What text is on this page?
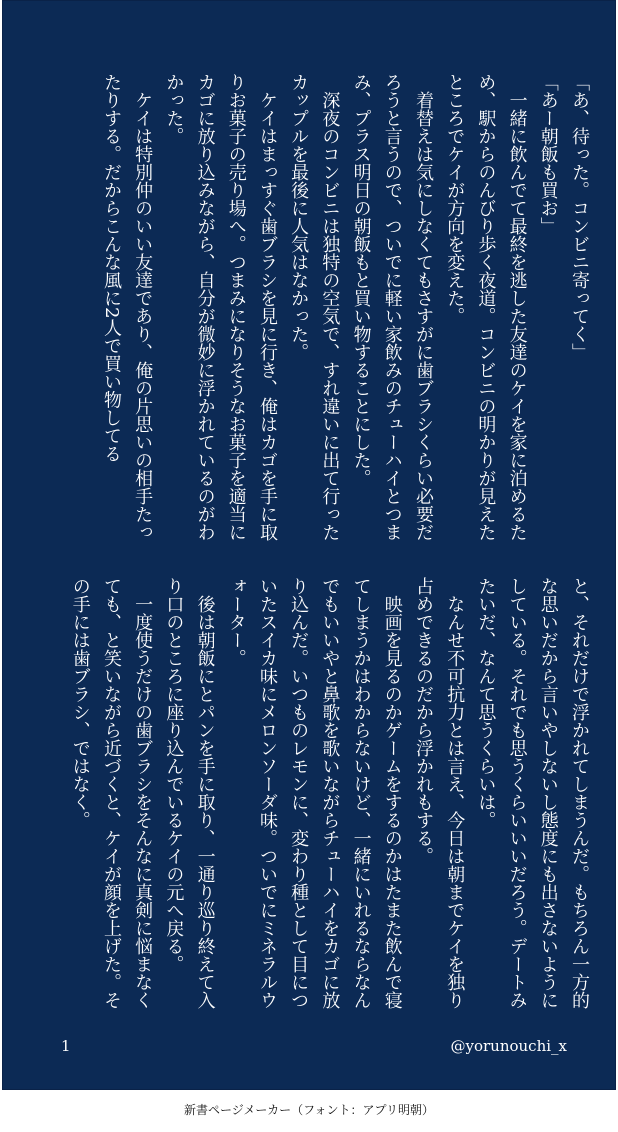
「あ、待った。コンビニ寄ってく」

「あー朝飯も買お」

　一緒に飲んでて最終を逃した友達のケイを家に泊めるため、駅からのんびり歩く夜道。コンビニの明かりが見えたところでケイが方向を変えた。

　着替えは気にしなくてもさすがに歯ブラシくらい必要だろうと言うので、ついでに軽い家飲みのチューハイとつまみ、プラス明日の朝飯もと買い物することにした。

　深夜のコンビニは独特の空気で、すれ違いに出て行ったカップルを最後に人気はなかった。

　ケイはまっすぐ歯ブラシを見に行き、俺はカゴを手に取りお菓子の売り場へ。つまみになりそうなお菓子を適当にカゴに放り込みながら、自分が微妙に浮かれているのがわかった。

　ケイは特別仲のいい友達であり、俺の片思いの相手たったりする。だからこんな風に2人で買い物してる

と、それだけで浮かれてしまうんだ。もちろん一方的な思いだから言いやしないし態度にも出さないようにしている。それでも思うくらいいいだろう。デートみたいだ、なんて思うくらいは。

　なんせ不可抗力とは言え、今日は朝までケイを独り占めできるのだから浮かれもする。

　映画を見るのかゲームをするのかはたまた飲んで寝てしまうかはわからないけど、一緒にいれるならなんでもいいやと鼻歌を歌いながらチューハイをカゴに放り込んだ。いつものレモンに、変わり種として目についたスイカ味にメロンソーダ味。ついでにミネラルウォーター。

　後は朝飯にとパンを手に取り、一通り巡り終えて入り口のところに座り込んでいるケイの元へ戻る。

　一度使うだけの歯ブラシをそんなに真剣に悩まなくても、と笑いながら近づくと、ケイが顔を上げた。その手には歯ブラシ、ではなく。

1	@yorunouchi_x
新書ページメーカー（フォント：アプリ明朝）
